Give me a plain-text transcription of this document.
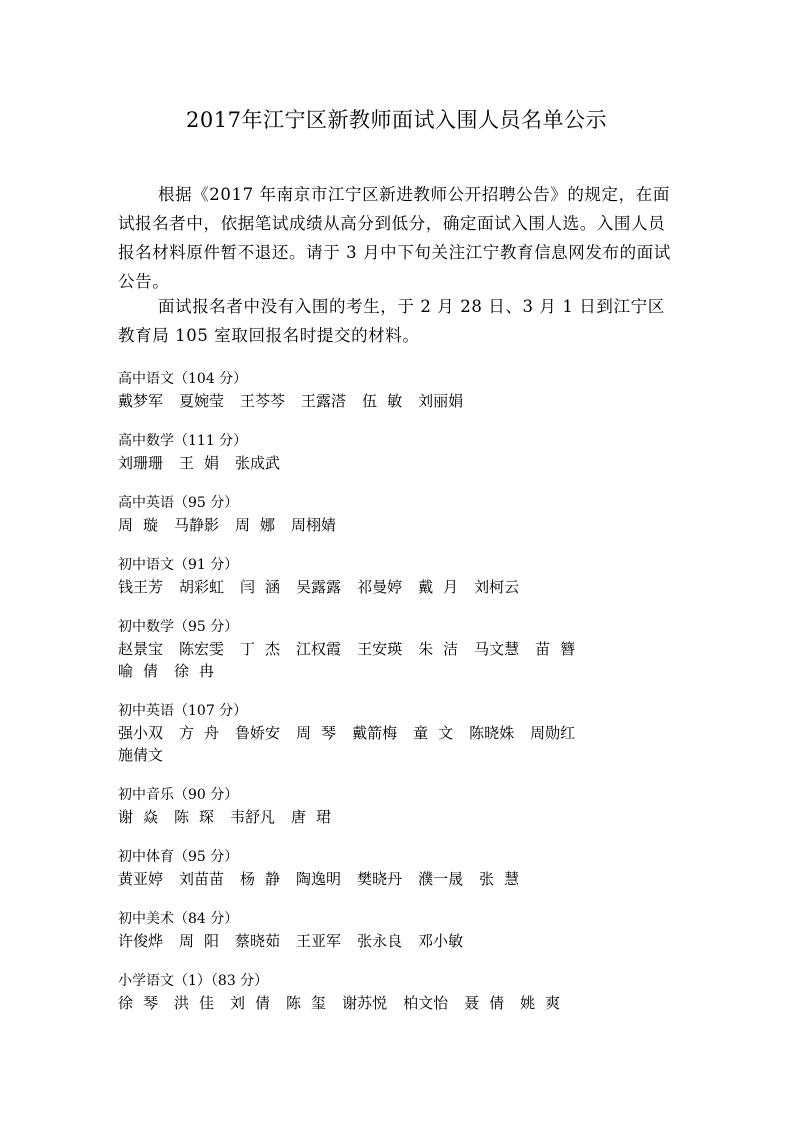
2017年江宁区新教师面试入围人员名单公示

根据《2017 年南京市江宁区新进教师公开招聘公告》的规定，在面试报名者中，依据笔试成绩从高分到低分，确定面试入围人选。入围人员报名材料原件暂不退还。请于 3 月中下旬关注江宁教育信息网发布的面试公告。

面试报名者中没有入围的考生，于 2 月 28 日、3 月 1 日到江宁区教育局 105 室取回报名时提交的材料。

高中语文（104 分）
戴梦军 夏婉莹 王芩芩 王露溚 伍敏 刘丽娟
高中数学（111 分）
刘珊珊 王娟 张成武
高中英语（95 分）
周璇 马静影 周娜 周栩婧
初中语文（91 分）
钱王芳 胡彩虹 闫涵 吴露露 祁曼婷 戴月 刘柯云
初中数学（95 分）
赵景宝 陈宏雯 丁杰 江权霞 王安瑛 朱洁 马文慧 苗簪
喻倩 徐冉
初中英语（107 分）
强小双 方舟 鲁娇安 周琴 戴箭梅 童文 陈晓姝 周勋红
施倩文
初中音乐（90 分）
谢焱 陈琛 韦舒凡 唐珺
初中体育（95 分）
黄亚婷 刘苗苗 杨静 陶逸明 樊晓丹 濮一晟 张慧
初中美术（84 分）
许俊烨 周阳 蔡晓茹 王亚军 张永良 邓小敏
小学语文（1）（83 分）
徐琴 洪佳 刘倩 陈玺 谢苏悦 柏文怡 聂倩 姚爽
